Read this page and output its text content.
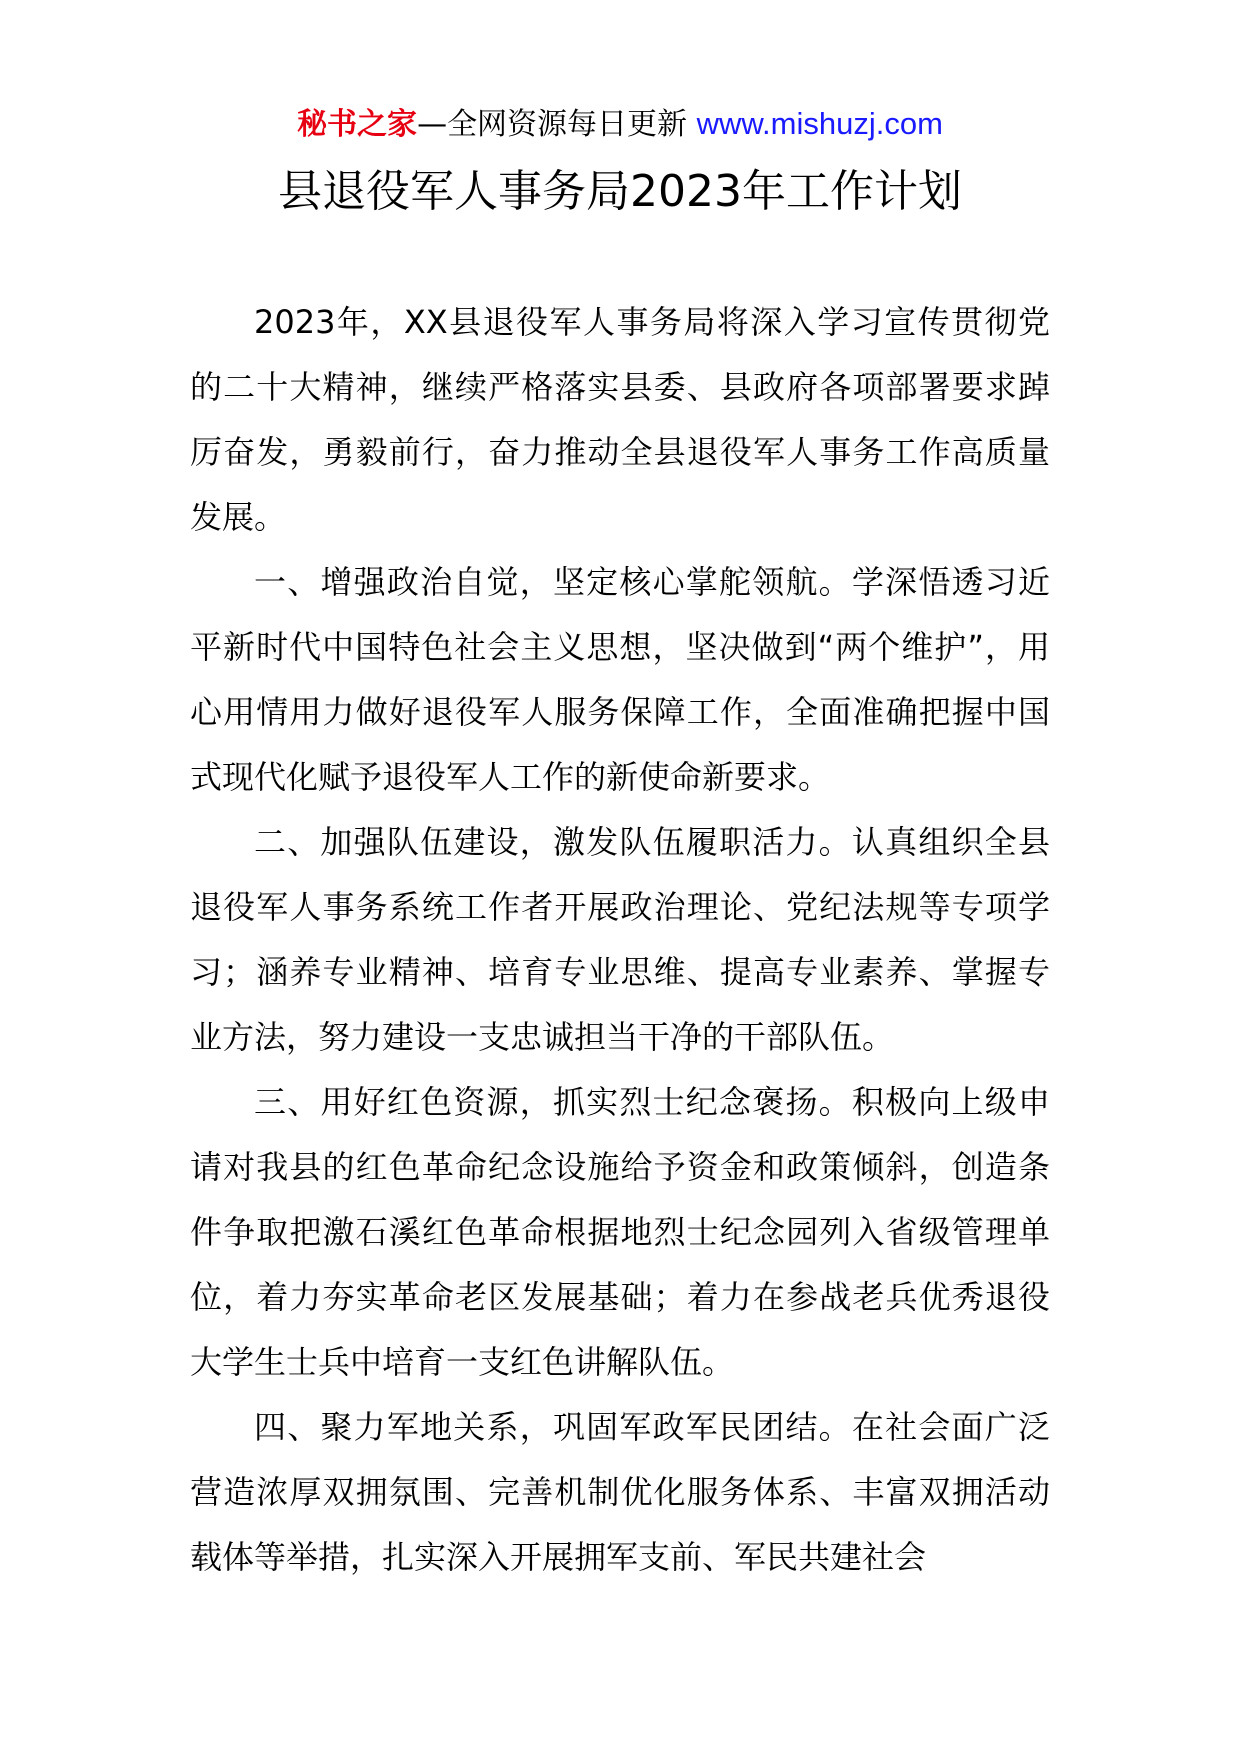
秘书之家—全网资源每日更新 www.mishuzj.com
县退役军人事务局2023年工作计划

2023年，XX县退役军人事务局将深入学习宣传贯彻党的二十大精神，继续严格落实县委、县政府各项部署要求踔厉奋发，勇毅前行，奋力推动全县退役军人事务工作高质量发展。

一、增强政治自觉，坚定核心掌舵领航。学深悟透习近平新时代中国特色社会主义思想，坚决做到“两个维护”，用心用情用力做好退役军人服务保障工作，全面准确把握中国式现代化赋予退役军人工作的新使命新要求。

二、加强队伍建设，激发队伍履职活力。认真组织全县退役军人事务系统工作者开展政治理论、党纪法规等专项学习；涵养专业精神、培育专业思维、提高专业素养、掌握专业方法，努力建设一支忠诚担当干净的干部队伍。

三、用好红色资源，抓实烈士纪念褒扬。积极向上级申请对我县的红色革命纪念设施给予资金和政策倾斜，创造条件争取把激石溪红色革命根据地烈士纪念园列入省级管理单位，着力夯实革命老区发展基础；着力在参战老兵优秀退役大学生士兵中培育一支红色讲解队伍。

四、聚力军地关系，巩固军政军民团结。在社会面广泛营造浓厚双拥氛围、完善机制优化服务体系、丰富双拥活动载体等举措，扎实深入开展拥军支前、军民共建社会
